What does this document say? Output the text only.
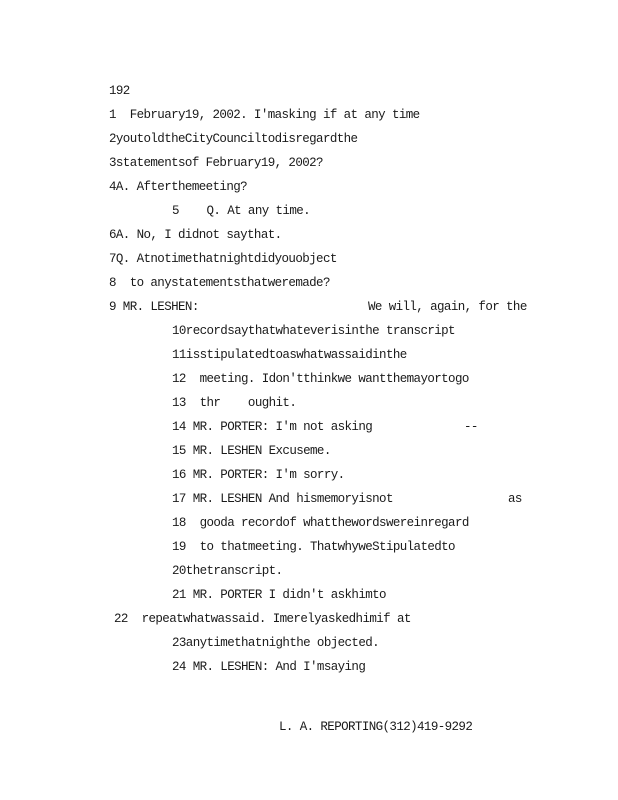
192
1  February19, 2002. I'masking if at any time
2youtoldtheCityCounciltodisregardthe
3statementsof February19, 2002?
4A. Afterthemeeting?
5    Q. At any time.
6A. No, I didnot saythat.
7Q. Atnotimethatnightdidyouobject
8  to anystatementsthatweremade?
9 MR. LESHEN:	We will, again, for the
10recordsaythatwhateverisinthe transcript
11isstipulatedtoaswhatwassaidinthe
12  meeting. Idon'tthinkwe wantthemayortogo
13  thr    oughit.
14 MR. PORTER: I'm not asking	--
15 MR. LESHEN Excuseme.
16 MR. PORTER: I'm sorry.
17 MR. LESHEN And hismemoryisnot	as
18  gooda recordof whatthewordswereinregard
19  to thatmeeting. ThatwhyweStipulatedto
20thetranscript.
21 MR. PORTER I didn't askhimto
22  repeatwhatwassaid. Imerelyaskedhimif at
23anytimethatnighthe objected.
24 MR. LESHEN: And I'msaying
L. A. REPORTING(312)419-9292
